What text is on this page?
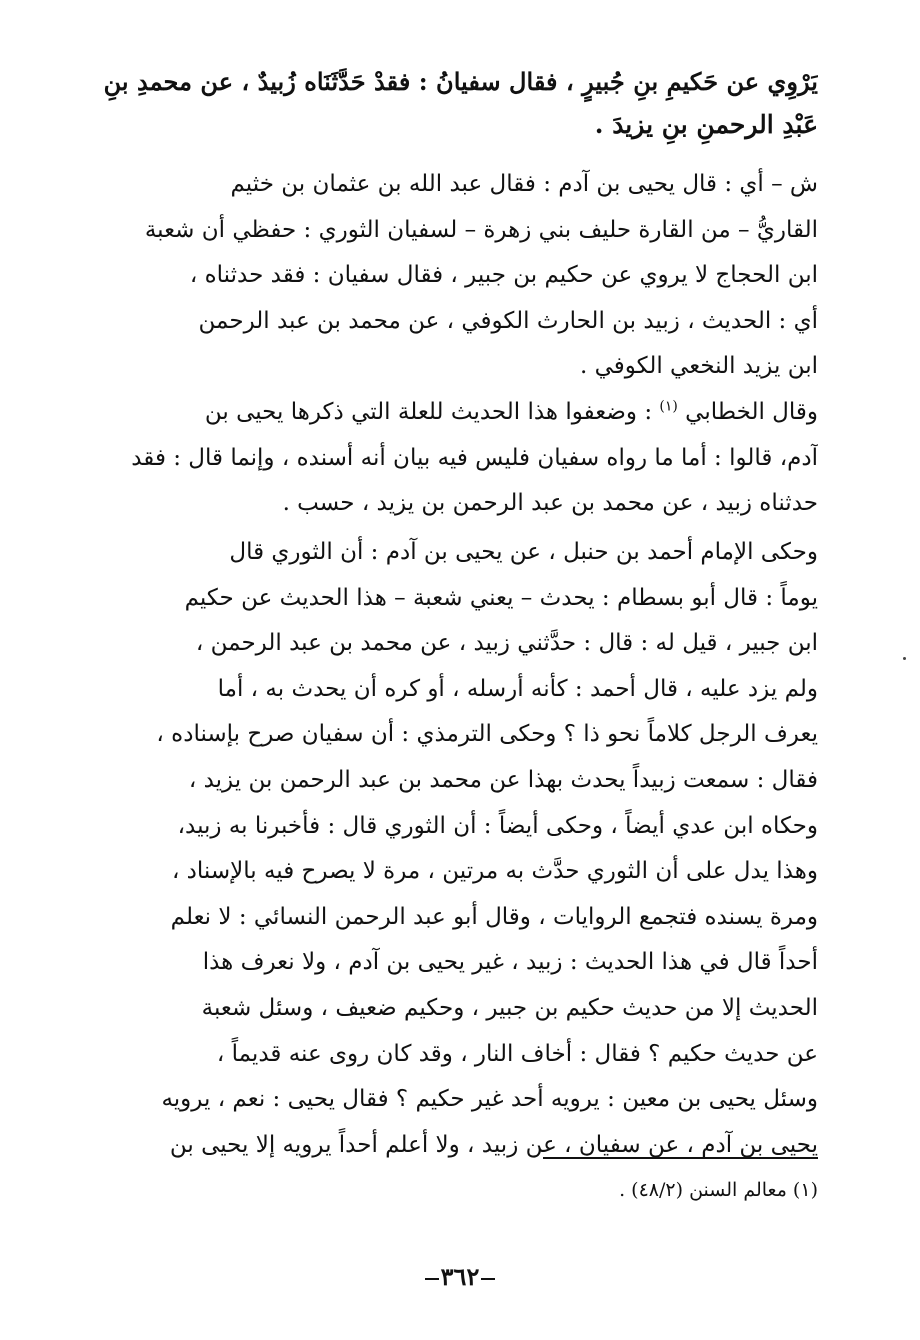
يَرْوِي عن حَكيمِ بنِ جُبيرٍ ، فقال سفيانُ : فقدْ حَدَّثَنَاه زُبيدٌ ، عن محمدِ بنِ
عَبْدِ الرحمنِ بنِ يزيدَ .
ش – أي : قال يحيى بن آدم : فقال عبد الله بن عثمان بن خثيم
القاريُّ – من القارة حليف بني زهرة – لسفيان الثوري : حفظي أن شعبة
ابن الحجاج لا يروي عن حكيم بن جبير ، فقال سفيان : فقد حدثناه ،
أي : الحديث ، زبيد بن الحارث الكوفي ، عن محمد بن عبد الرحمن
ابن يزيد النخعي الكوفي .
وقال الخطابي $^{(١)}$ : وضعفوا هذا الحديث للعلة التي ذكرها يحيى بن
آدم، قالوا : أما ما رواه سفيان فليس فيه بيان أنه أسنده ، وإنما قال : فقد
حدثناه زبيد ، عن محمد بن عبد الرحمن بن يزيد ، حسب .
وحكى الإمام أحمد بن حنبل ، عن يحيى بن آدم : أن الثوري قال
يوماً : قال أبو بسطام : يحدث – يعني شعبة – هذا الحديث عن حكيم
ابن جبير ، قيل له : قال : حدَّثني زبيد ، عن محمد بن عبد الرحمن ،
ولم يزد عليه ، قال أحمد : كأنه أرسله ، أو كره أن يحدث به ، أما
يعرف الرجل كلاماً نحو ذا ؟ وحكى الترمذي : أن سفيان صرح بإسناده ،
فقال : سمعت زبيداً يحدث بهذا عن محمد بن عبد الرحمن بن يزيد ،
وحكاه ابن عدي أيضاً ، وحكى أيضاً : أن الثوري قال : فأخبرنا به زبيد،
وهذا يدل على أن الثوري حدَّث به مرتين ، مرة لا يصرح فيه بالإسناد ،
ومرة يسنده فتجمع الروايات ، وقال أبو عبد الرحمن النسائي : لا نعلم
أحداً قال في هذا الحديث : زبيد ، غير يحيى بن آدم ، ولا نعرف هذا
الحديث إلا من حديث حكيم بن جبير ، وحكيم ضعيف ، وسئل شعبة
عن حديث حكيم ؟ فقال : أخاف النار ، وقد كان روى عنه قديماً ،
وسئل يحيى بن معين : يرويه أحد غير حكيم ؟ فقال يحيى : نعم ، يرويه
يحيى بن آدم ، عن سفيان ، عن زبيد ، ولا أعلم أحداً يرويه إلا يحيى بن
(١) معالم السنن (٤٨/٢) .
٣٦٢
